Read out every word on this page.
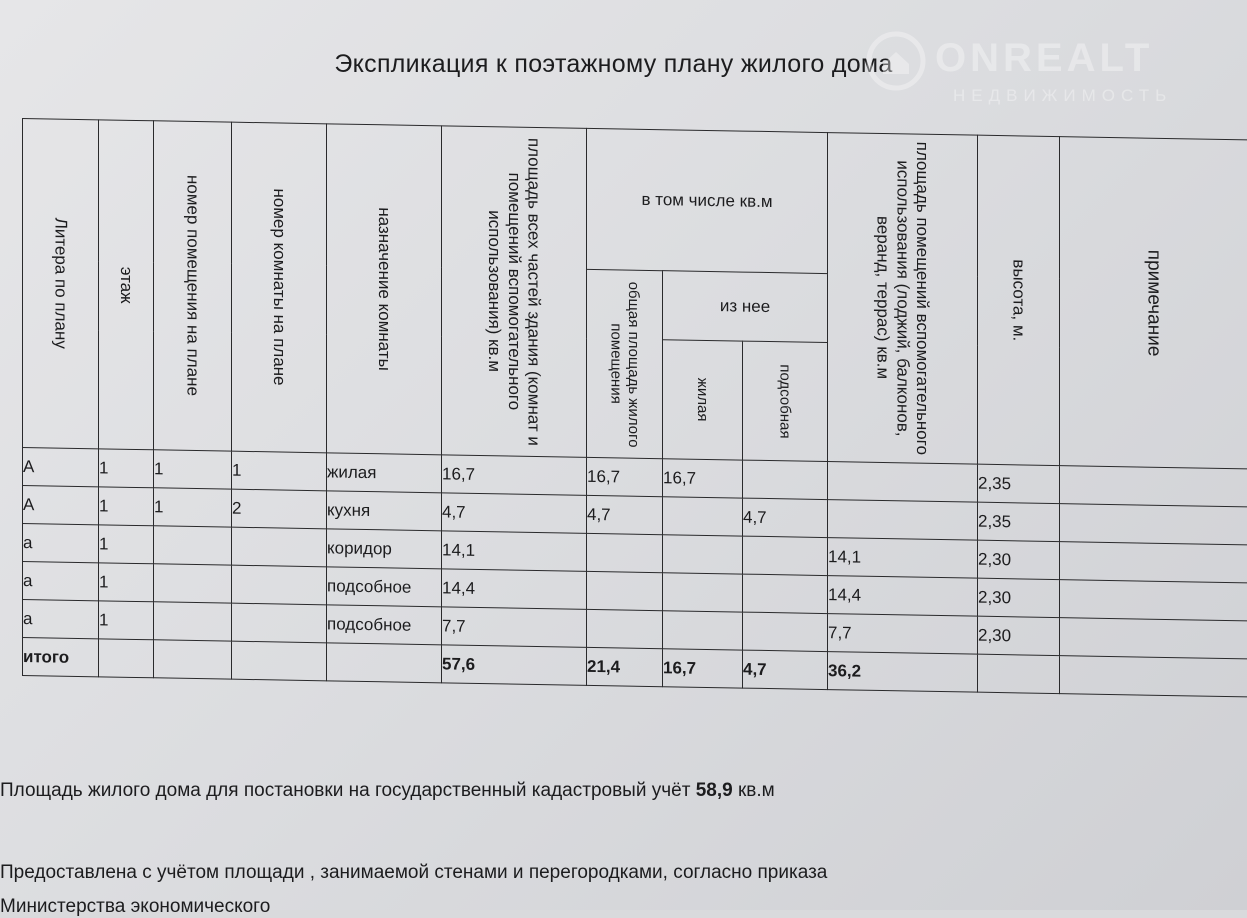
Экспликация к поэтажному плану жилого дома	ONREALT
НЕДВИЖИМОСТЬ
Литера по плану	этаж	номер помещения на плане	номер комнаты на плане	назначение комнаты	площадь всех частей здания (комнат и помещений вспомогательного использования) кв.м	в том числе кв.м			площадь помещений вспомогательного использования (лоджий, балконов, веранд, террас) кв.м	высота, м.	примечание

						общая площадь жилого помещения	из нее				

							жилая	подсобная			

А	1	1	1	жилая	16,7	16,7	16,7			2,35	
А	1	1	2	кухня	4,7	4,7		4,7		2,35	
а	1			коридор	14,1				14,1	2,30	
а	1			подсобное	14,4				14,4	2,30	
а	1			подсобное	7,7				7,7	2,30	
итого					57,6	21,4	16,7	4,7	36,2		
Площадь жилого дома для постановки на государственный кадастровый учёт 58,9 кв.м
Предоставлена с учётом площади , занимаемой стенами и перегородками, согласно приказа
Министерства экономического
